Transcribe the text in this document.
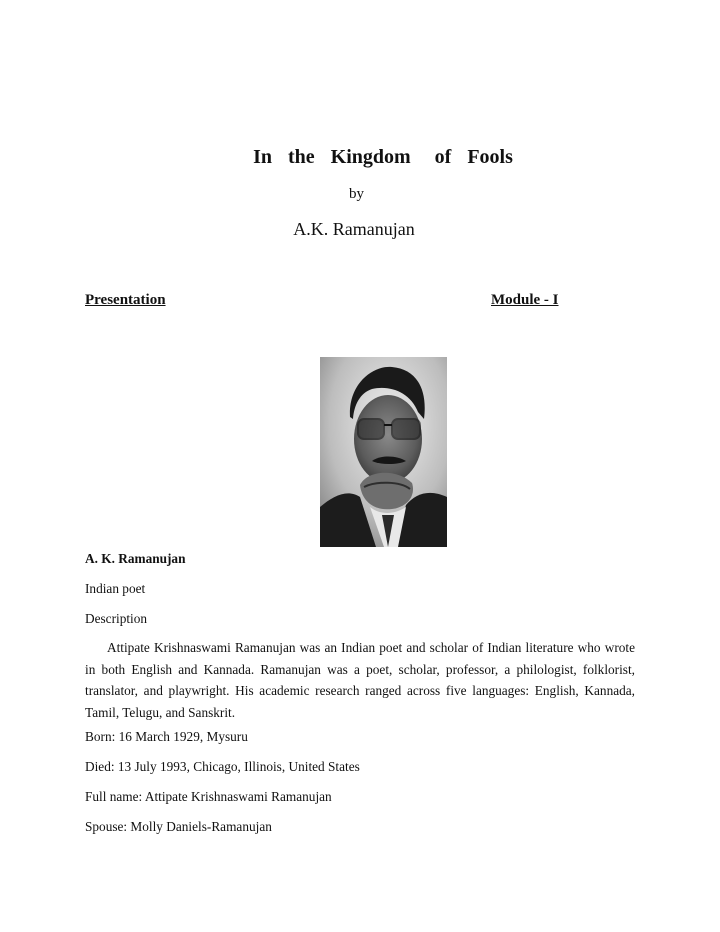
In  the  Kingdom   of  Fools
by
A.K. Ramanujan
Presentation	Module - I

A. K. Ramanujan

Indian poet

Description

Attipate Krishnaswami Ramanujan was an Indian poet and scholar of Indian literature who wrote in both English and Kannada. Ramanujan was a poet, scholar, professor, a philologist, folklorist, translator, and playwright. His academic research ranged across five languages: English, Kannada, Tamil, Telugu, and Sanskrit.

Born: 16 March 1929, Mysuru

Died: 13 July 1993, Chicago, Illinois, United States

Full name: Attipate Krishnaswami Ramanujan

Spouse: Molly Daniels-Ramanujan
